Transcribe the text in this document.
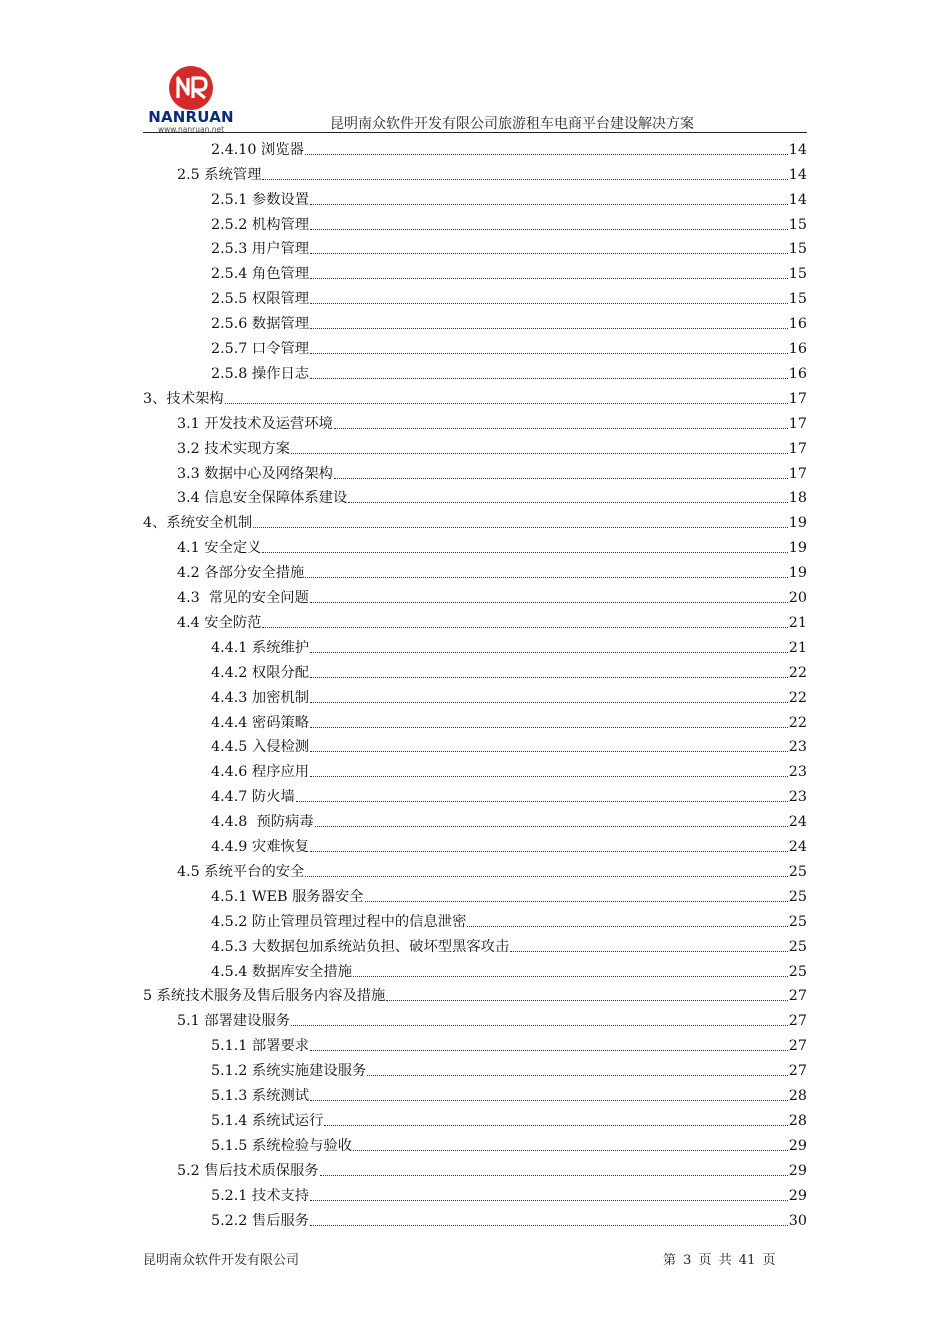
NANRUAN
www.nanruan.net	昆明南众软件开发有限公司旅游租车电商平台建设解决方案
2.4.10 浏览器	14
2.5 系统管理	14
2.5.1 参数设置	14
2.5.2 机构管理	15
2.5.3 用户管理	15
2.5.4 角色管理	15
2.5.5 权限管理	15
2.5.6 数据管理	16
2.5.7 口令管理	16
2.5.8 操作日志	16
3、技术架构	17
3.1 开发技术及运营环境	17
3.2 技术实现方案	17
3.3 数据中心及网络架构	17
3.4 信息安全保障体系建设	18
4、系统安全机制	19
4.1 安全定义	19
4.2 各部分安全措施	19
4.3  常见的安全问题	20
4.4 安全防范	21
4.4.1 系统维护	21
4.4.2 权限分配	22
4.4.3 加密机制	22
4.4.4 密码策略	22
4.4.5 入侵检测	23
4.4.6 程序应用	23
4.4.7 防火墙	23
4.4.8  预防病毒	24
4.4.9 灾难恢复	24
4.5 系统平台的安全	25
4.5.1 WEB 服务器安全	25
4.5.2 防止管理员管理过程中的信息泄密	25
4.5.3 大数据包加系统站负担、破坏型黑客攻击	25
4.5.4 数据库安全措施	25
5 系统技术服务及售后服务内容及措施	27
5.1 部署建设服务	27
5.1.1 部署要求	27
5.1.2 系统实施建设服务	27
5.1.3 系统测试	28
5.1.4 系统试运行	28
5.1.5 系统检验与验收	29
5.2 售后技术质保服务	29
5.2.1 技术支持	29
5.2.2 售后服务	30
昆明南众软件开发有限公司	第 3 页 共 41 页
